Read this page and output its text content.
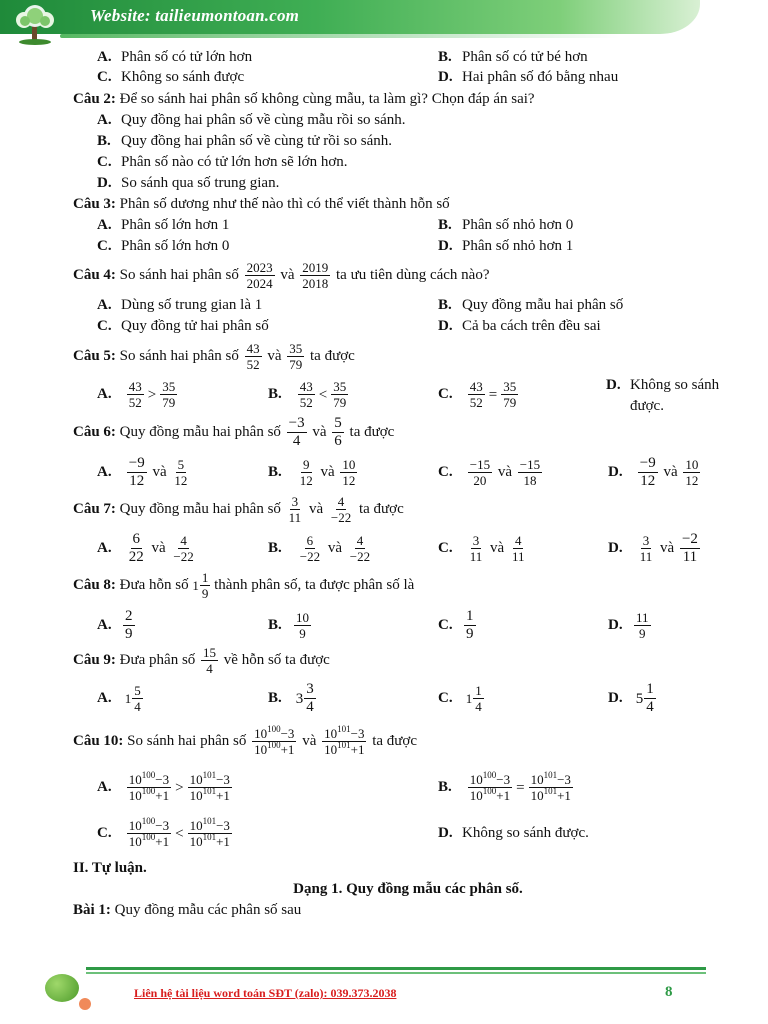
Website: tailieumontoan.com
A. Phân số có tử lớn hơn	B. Phân số có tử bé hơn
C. Không so sánh được	D. Hai phân số đó bằng nhau
Câu 2: Để so sánh hai phân số không cùng mẫu, ta làm gì? Chọn đáp án sai?
A. Quy đồng hai phân số về cùng mẫu rồi so sánh.
B. Quy đồng hai phân số về cùng tử rồi so sánh.
C. Phân số nào có tử lớn hơn sẽ lớn hơn.
D. So sánh qua số trung gian.
Câu 3: Phân số dương như thế nào thì có thể viết thành hỗn số
A. Phân số lớn hơn 1	B. Phân số nhỏ hơn 0
C. Phân số lớn hơn 0	D. Phân số nhỏ hơn 1
Câu 4: So sánh hai phân số $\frac{2023}{2024}$ và $\frac{2019}{2018}$ ta ưu tiên dùng cách nào?
A. Dùng số trung gian là 1	B. Quy đồng mẫu hai phân số
C. Quy đồng tử hai phân số	D. Cả ba cách trên đều sai
Câu 5: So sánh hai phân số $\frac{43}{52}$ và $\frac{35}{79}$ ta được
A. $\frac{43}{52} > \frac{35}{79}$	B. $\frac{43}{52} < \frac{35}{79}$	C. $\frac{43}{52} = \frac{35}{79}$	D. Không so sánh
được.
Câu 6: Quy đồng mẫu hai phân số $\frac{-3}{4}$ và $\frac{5}{6}$ ta được
A. $\frac{-9}{12}$ và $\frac{5}{12}$	B. $\frac{9}{12}$ và $\frac{10}{12}$	C. $\frac{-15}{20}$ và $\frac{-15}{18}$	D. $\frac{-9}{12}$ và $\frac{10}{12}$
Câu 7: Quy đồng mẫu hai phân số $\frac{3}{11}$ và $\frac{4}{-22}$ ta được
A. $\frac{6}{22}$ và $\frac{4}{-22}$	B. $\frac{6}{-22}$ và $\frac{4}{-22}$	C. $\frac{3}{11}$ và $\frac{4}{11}$	D. $\frac{3}{11}$ và $\frac{-2}{11}$
Câu 8: Đưa hỗn số $1 \frac{1}{9}$ thành phân số, ta được phân số là
A. $\frac{2}{9}$	B. $\frac{10}{9}$	C. $\frac{1}{9}$	D. $\frac{11}{9}$
Câu 9: Đưa phân số $\frac{15}{4}$ về hỗn số ta được
A. $1 \frac{5}{4}$	B. $3 \frac{3}{4}$	C. $1 \frac{1}{4}$	D. $5 \frac{1}{4}$
Câu 10: So sánh hai phân số $\frac{10^{100}-3}{10^{100}+1}$ và $\frac{10^{101}-3}{10^{101}+1}$ ta được
A. $\frac{10^{100}-3}{10^{100}+1} > \frac{10^{101}-3}{10^{101}+1}$	B. $\frac{10^{100}-3}{10^{100}+1} = \frac{10^{101}-3}{10^{101}+1}$
C. $\frac{10^{100}-3}{10^{100}+1} < \frac{10^{101}-3}{10^{101}+1}$	D. Không so sánh được.
II. Tự luận.
Dạng 1. Quy đồng mẫu các phân số.
Bài 1: Quy đồng mẫu các phân số sau
Liên hệ tài liệu word toán SĐT (zalo): 039.373.2038	8
